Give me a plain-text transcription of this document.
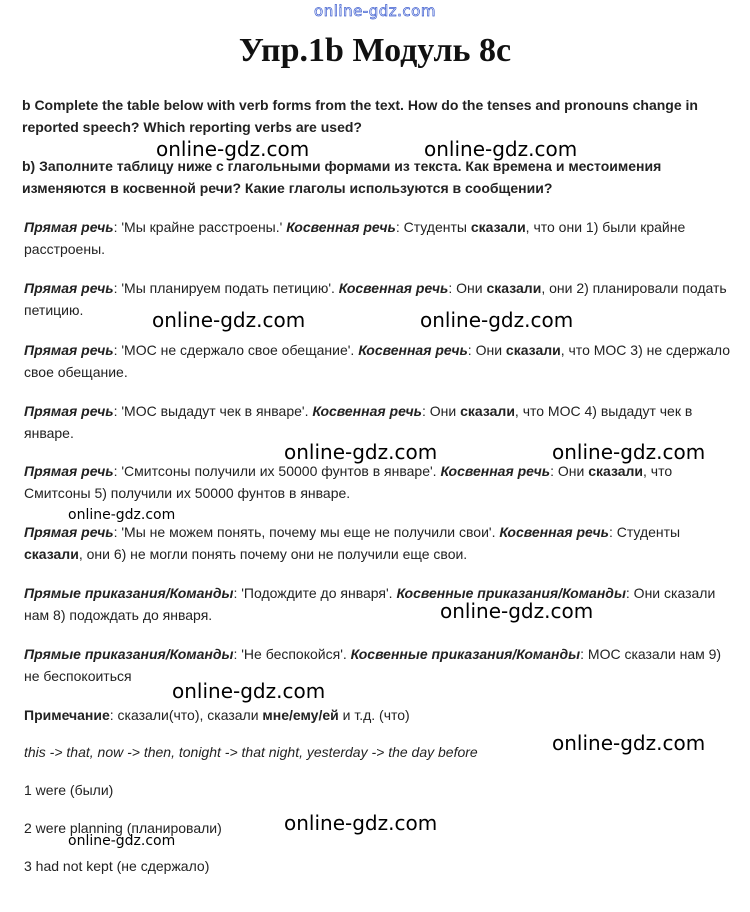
online-gdz.com
Упр.1b Модуль 8с
b Complete the table below with verb forms from the text. How do the tenses and pronouns change in reported speech? Which reporting verbs are used?
b) Заполните таблицу ниже с глагольными формами из текста. Как времена и местоимения изменяются в косвенной речи? Какие глаголы используются в сообщении?
Прямая речь: 'Мы крайне расстроены.' Косвенная речь: Студенты сказали, что они 1) были крайне расстроены.
Прямая речь: 'Мы планируем подать петицию'. Косвенная речь: Они сказали, они 2) планировали подать петицию.
Прямая речь: 'МОС не сдержало свое обещание'. Косвенная речь: Они сказали, что МОС 3) не сдержало свое обещание.
Прямая речь: 'МОС выдадут чек в январе'. Косвенная речь: Они сказали, что МОС 4) выдадут чек в январе.
Прямая речь: 'Смитсоны получили их 50000 фунтов в январе'. Косвенная речь: Они сказали, что Смитсоны 5) получили их 50000 фунтов в январе.
Прямая речь: 'Мы не можем понять, почему мы еще не получили свои'. Косвенная речь: Студенты сказали, они 6) не могли понять почему они не получили еще свои.
Прямые приказания/Команды: 'Подождите до января'. Косвенные приказания/Команды: Они сказали нам 8) подождать до января.
Прямые приказания/Команды: 'Не беспокойся'. Косвенные приказания/Команды: МОС сказали нам 9) не беспокоиться
Примечание: сказали(что), сказали мне/ему/ей и т.д. (что)
this -> that, now -> then, tonight -> that night, yesterday -> the day before
1 were (были)
2 were planning (планировали)
3 had not kept (не сдержало)
online-gdz.com	online-gdz.com
online-gdz.com	online-gdz.com
online-gdz.com	online-gdz.com
online-gdz.com
online-gdz.com
online-gdz.com
online-gdz.com
online-gdz.com
online-gdz.com
